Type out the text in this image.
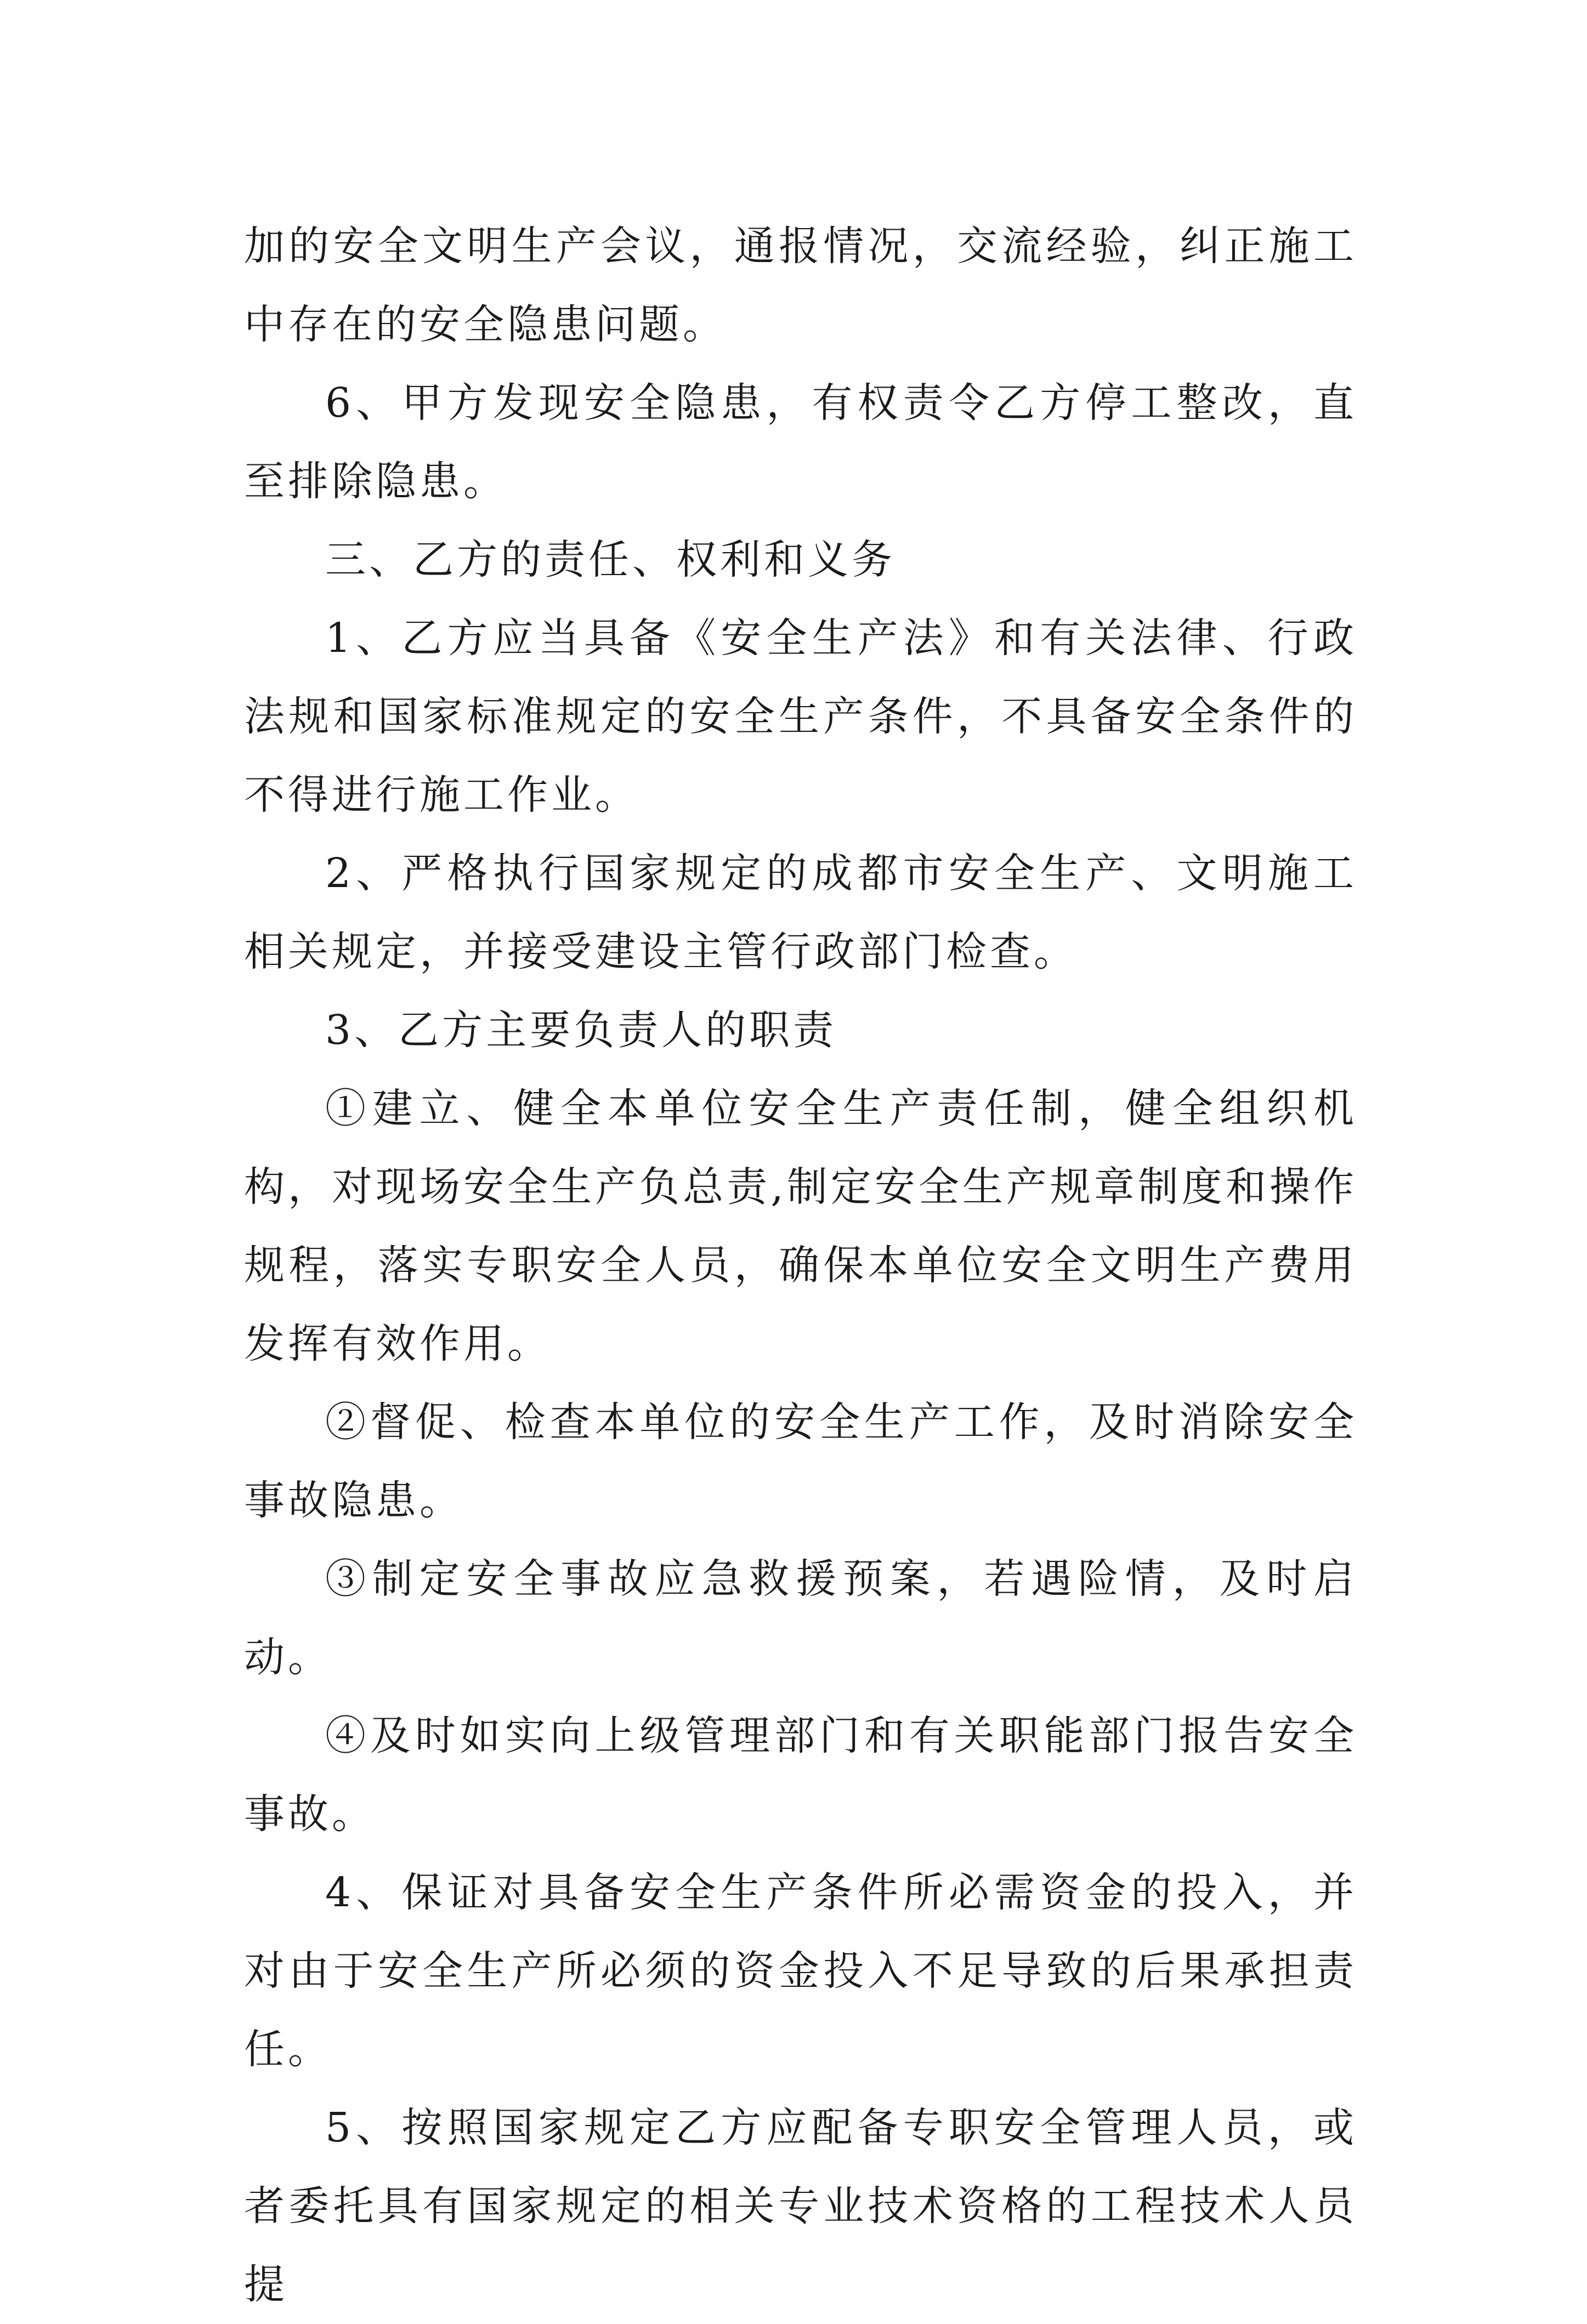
加的安全文明生产会议，通报情况，交流经验，纠正施工中存在的安全隐患问题。

6、甲方发现安全隐患，有权责令乙方停工整改，直至排除隐患。

三、乙方的责任、权利和义务

1、乙方应当具备《安全生产法》和有关法律、行政法规和国家标准规定的安全生产条件，不具备安全条件的不得进行施工作业。

2、严格执行国家规定的成都市安全生产、文明施工相关规定，并接受建设主管行政部门检查。

3、乙方主要负责人的职责

①建立、健全本单位安全生产责任制，健全组织机构，对现场安全生产负总责,制定安全生产规章制度和操作规程，落实专职安全人员，确保本单位安全文明生产费用发挥有效作用。

②督促、检查本单位的安全生产工作，及时消除安全事故隐患。

③制定安全事故应急救援预案，若遇险情，及时启动。

④及时如实向上级管理部门和有关职能部门报告安全事故。

4、保证对具备安全生产条件所必需资金的投入，并对由于安全生产所必须的资金投入不足导致的后果承担责任。

5、按照国家规定乙方应配备专职安全管理人员，或者委托具有国家规定的相关专业技术资格的工程技术人员提
